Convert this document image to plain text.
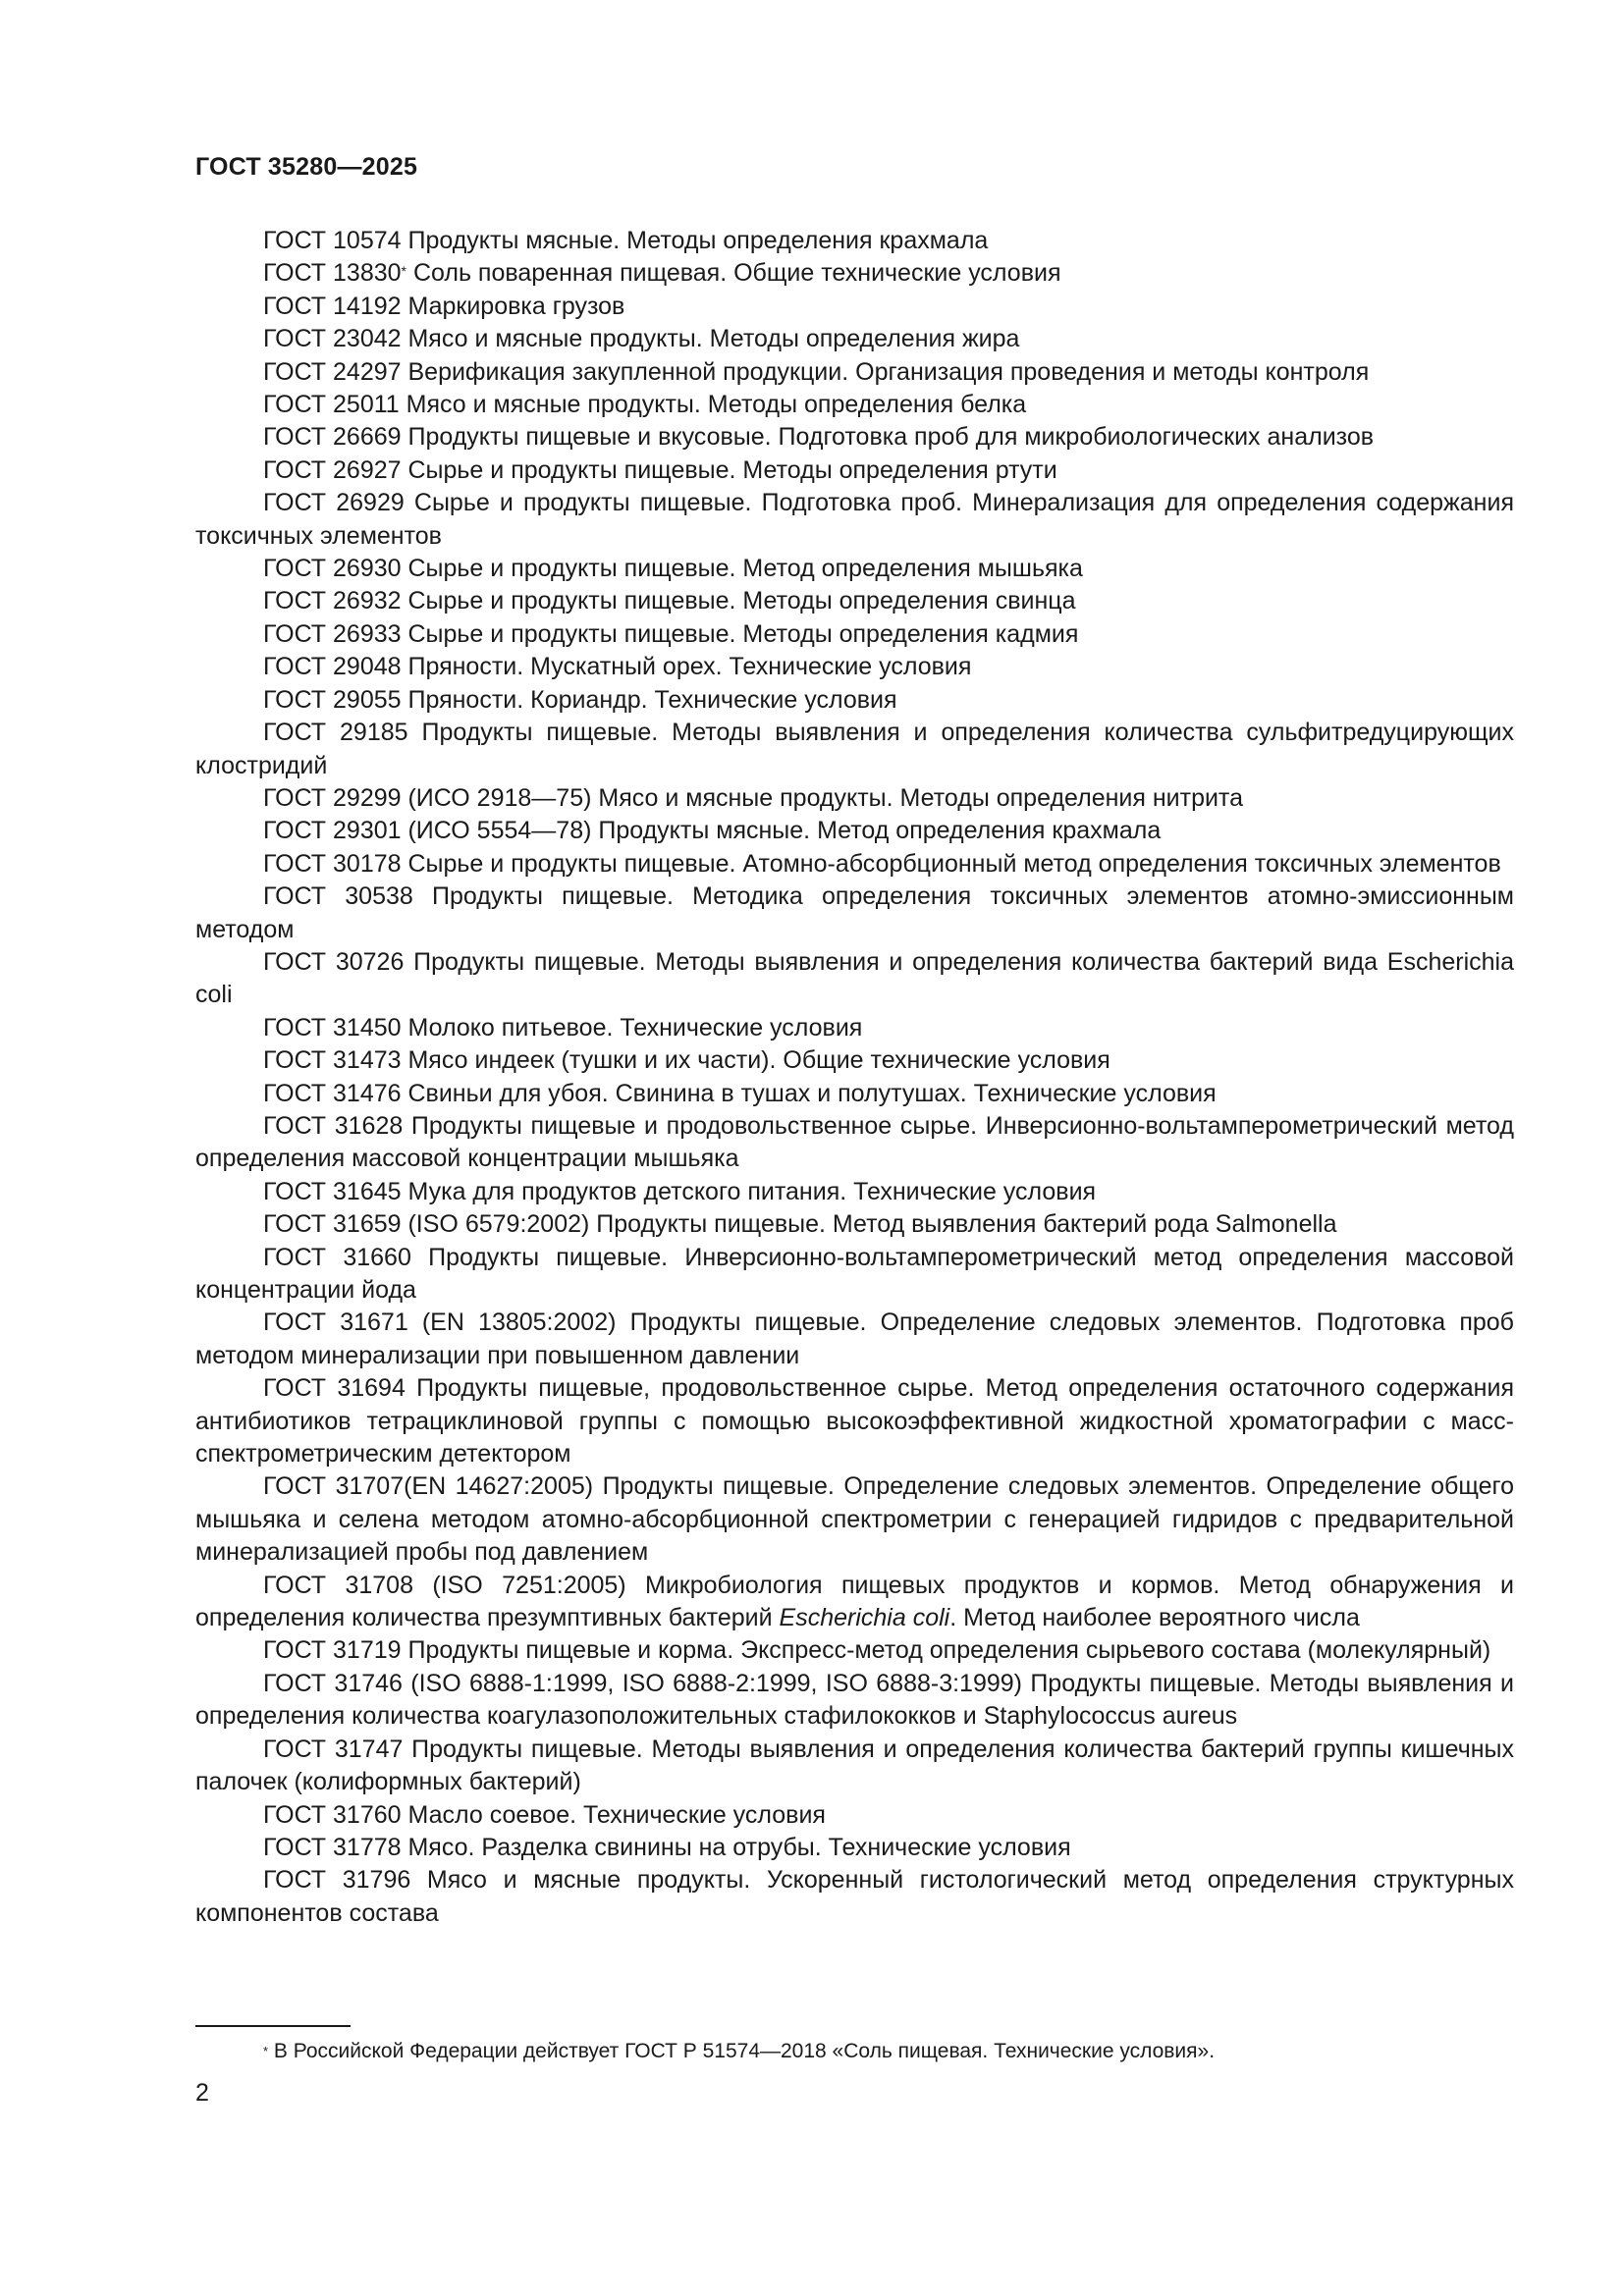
ГОСТ 35280—2025

ГОСТ 10574 Продукты мясные. Методы определения крахмала

ГОСТ 13830* Соль поваренная пищевая. Общие технические условия

ГОСТ 14192 Маркировка грузов

ГОСТ 23042 Мясо и мясные продукты. Методы определения жира

ГОСТ 24297 Верификация закупленной продукции. Организация проведения и методы контроля

ГОСТ 25011 Мясо и мясные продукты. Методы определения белка

ГОСТ 26669 Продукты пищевые и вкусовые. Подготовка проб для микробиологических анализов

ГОСТ 26927 Сырье и продукты пищевые. Методы определения ртути

ГОСТ 26929 Сырье и продукты пищевые. Подготовка проб. Минерализация для определения содержания токсичных элементов

ГОСТ 26930 Сырье и продукты пищевые. Метод определения мышьяка

ГОСТ 26932 Сырье и продукты пищевые. Методы определения свинца

ГОСТ 26933 Сырье и продукты пищевые. Методы определения кадмия

ГОСТ 29048 Пряности. Мускатный орех. Технические условия

ГОСТ 29055 Пряности. Кориандр. Технические условия

ГОСТ 29185 Продукты пищевые. Методы выявления и определения количества сульфитредуцирующих клостридий

ГОСТ 29299 (ИСО 2918—75) Мясо и мясные продукты. Методы определения нитрита

ГОСТ 29301 (ИСО 5554—78) Продукты мясные. Метод определения крахмала

ГОСТ 30178 Сырье и продукты пищевые. Атомно-абсорбционный метод определения токсичных элементов

ГОСТ 30538 Продукты пищевые. Методика определения токсичных элементов атомно-эмиссионным методом

ГОСТ 30726 Продукты пищевые. Методы выявления и определения количества бактерий вида Escherichia coli

ГОСТ 31450 Молоко питьевое. Технические условия

ГОСТ 31473 Мясо индеек (тушки и их части). Общие технические условия

ГОСТ 31476 Свиньи для убоя. Свинина в тушах и полутушах. Технические условия

ГОСТ 31628 Продукты пищевые и продовольственное сырье. Инверсионно-вольтамперометрический метод определения массовой концентрации мышьяка

ГОСТ 31645 Мука для продуктов детского питания. Технические условия

ГОСТ 31659 (ISO 6579:2002) Продукты пищевые. Метод выявления бактерий рода Salmonella

ГОСТ 31660 Продукты пищевые. Инверсионно-вольтамперометрический метод определения массовой концентрации йода

ГОСТ 31671 (EN 13805:2002) Продукты пищевые. Определение следовых элементов. Подготовка проб методом минерализации при повышенном давлении

ГОСТ 31694 Продукты пищевые, продовольственное сырье. Метод определения остаточного содержания антибиотиков тетрациклиновой группы с помощью высокоэффективной жидкостной хроматографии с масс-спектрометрическим детектором

ГОСТ 31707(EN 14627:2005) Продукты пищевые. Определение следовых элементов. Определение общего мышьяка и селена методом атомно-абсорбционной спектрометрии с генерацией гидридов с предварительной минерализацией пробы под давлением

ГОСТ 31708 (ISO 7251:2005) Микробиология пищевых продуктов и кормов. Метод обнаружения и определения количества презумптивных бактерий Escherichia coli. Метод наиболее вероятного числа

ГОСТ 31719 Продукты пищевые и корма. Экспресс-метод определения сырьевого состава (молекулярный)

ГОСТ 31746 (ISO 6888-1:1999, ISO 6888-2:1999, ISO 6888-3:1999) Продукты пищевые. Методы выявления и определения количества коагулазоположительных стафилококков и Staphylococcus aureus

ГОСТ 31747 Продукты пищевые. Методы выявления и определения количества бактерий группы кишечных палочек (колиформных бактерий)

ГОСТ 31760 Масло соевое. Технические условия

ГОСТ 31778 Мясо. Разделка свинины на отрубы. Технические условия

ГОСТ 31796 Мясо и мясные продукты. Ускоренный гистологический метод определения структурных компонентов состава

* В Российской Федерации действует ГОСТ Р 51574—2018 «Соль пищевая. Технические условия».
2
